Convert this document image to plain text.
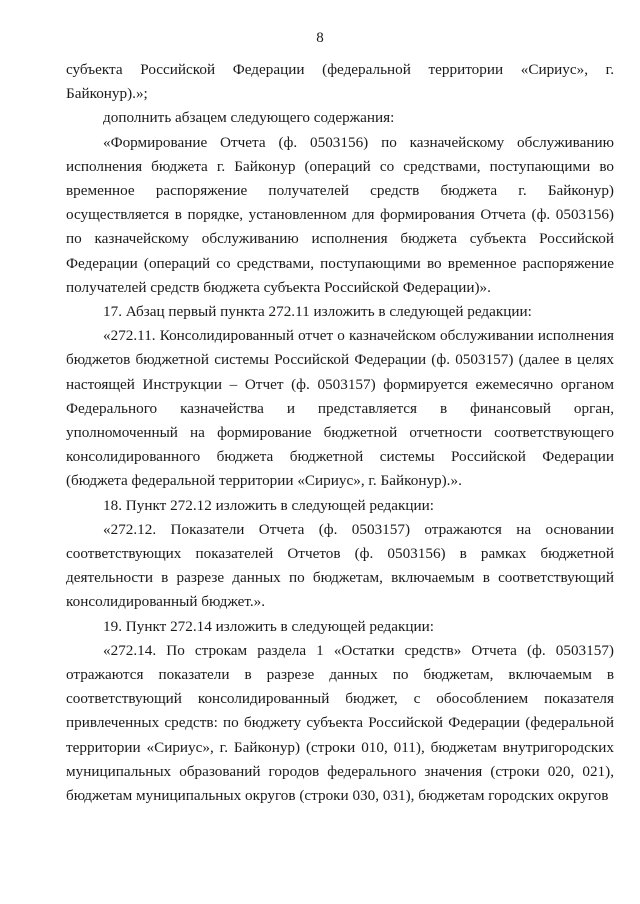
8

субъекта Российской Федерации (федеральной территории «Сириус», г. Байконур).»;

дополнить абзацем следующего содержания:

«Формирование Отчета (ф. 0503156) по казначейскому обслуживанию исполнения бюджета г. Байконур (операций со средствами, поступающими во временное распоряжение получателей средств бюджета г. Байконур) осуществляется в порядке, установленном для формирования Отчета (ф. 0503156) по казначейскому обслуживанию исполнения бюджета субъекта Российской Федерации (операций со средствами, поступающими во временное распоряжение получателей средств бюджета субъекта Российской Федерации)».

17. Абзац первый пункта 272.11 изложить в следующей редакции:

«272.11. Консолидированный отчет о казначейском обслуживании исполнения бюджетов бюджетной системы Российской Федерации (ф. 0503157) (далее в целях настоящей Инструкции – Отчет (ф. 0503157) формируется ежемесячно органом Федерального казначейства и представляется в финансовый орган, уполномоченный на формирование бюджетной отчетности соответствующего консолидированного бюджета бюджетной системы Российской Федерации (бюджета федеральной территории «Сириус», г. Байконур).».

18. Пункт 272.12 изложить в следующей редакции:

«272.12. Показатели Отчета (ф. 0503157) отражаются на основании соответствующих показателей Отчетов (ф. 0503156) в рамках бюджетной деятельности в разрезе данных по бюджетам, включаемым в соответствующий консолидированный бюджет.».

19. Пункт 272.14 изложить в следующей редакции:

«272.14. По строкам раздела 1 «Остатки средств» Отчета (ф. 0503157) отражаются показатели в разрезе данных по бюджетам, включаемым в соответствующий консолидированный бюджет, с обособлением показателя привлеченных средств: по бюджету субъекта Российской Федерации (федеральной территории «Сириус», г. Байконур) (строки 010, 011), бюджетам внутригородских муниципальных образований городов федерального значения (строки 020, 021), бюджетам муниципальных округов (строки 030, 031), бюджетам городских округов
